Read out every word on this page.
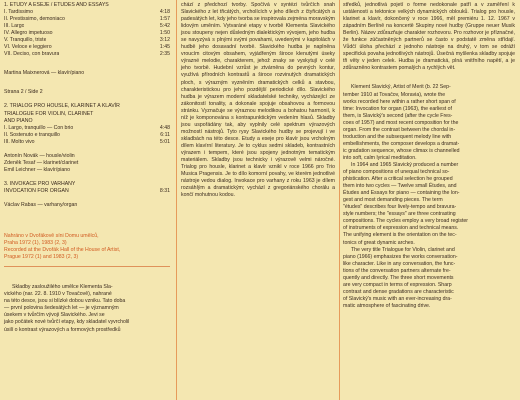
1. ETUDY A ESEJE / ÉTUDES AND ESSAYS
I. Tardissimo	4:18
II. Prestissimo, demoniaco	1:57
III. Largo	5:42
IV. Allegro impetuoso	1:50
V. Tranquillo, triste	3:12
VI. Veloce e leggiero	1:45
VII. Deciso, con bravura	2:35
Martina Maixnerová — klavír/piano
Strana 2 / Side 2
2. TRIALOG PRO HOUSLE, KLARINET A KLAVÍR
TRIALOGUE FOR VIOLIN, CLARINET
AND PIANO
I. Largo, tranquillo — Con brio	4:48
II. Sostenuto e tranquillo	6:11
III. Molto vivo	5:01
Antonín Novák — housle/violin
Zdeněk Tesař — klarinet/clarinet
Emil Leichner — klavír/piano
3. INVOKACE PRO VARHANY
INVOCATION FOR ORGAN	8:31
Václav Rabas — varhany/organ
Nahráno v Dvořákově síni Domu umělců,
Praha 1972 (1), 1983 (2, 3)
Recorded at the Dvořák Hall of the House of Artist,
Prague 1972 (1) and 1983 (2, 3)
Skladby zasloužilého umělce Klementa Sla-
vického (nar. 22. 8. 1910 v Tovačově), nahrané
na této desce, jsou si blízké dobou vzniku. Tato doba
— první polovina šedesátých let — je významným
úsekem v tvůrčím vývoji Slavického. Jevi se
jako počátek nové tvůrčí etapy, kdy skladatel vyvrcholil
úsilí o kontrast výrazových a formových prostředků

chází z předchozí tvorby. Spočívá v syntézi tvůrčích snah Slavického z let třicátých, vrcholících v jeho dílech z čtyřicátých a padesátých let, kdy jeho tvorba se inspirovala zejména moravským lidovým uměním. Vytvaráné etapy v tvorbě Klementa Slavického jsou stoupeny nejen důsledným dialektickým vývojem, jeho hudba se navyzývá s plnými svými povahami, uvedenými v kapitolách v hudbě jeho dosavadní tvorbě. Slavického hudba je naplněna vroucím citovým obsahem, vyjádřeným široce klenutými úseky výrazné melodie, charakterem, jehož znaky se vyskytují v celé jeho tvorbě. Hudební vzrůst je ztvárněna do pevných kontur, využívá přírodních kontrastů a široce rozvinutých dramatických ploch, s výrazným vyzněním dramatických celků a stavbou, charakteristickou pro jeho pozdější periodické dílo. Slavického hudba je výrazem moderní skladatelské techniky, vycházející ze zákonitostí tonality, a dokonale spojuje obsahovou a formovou stránku. Vyznačuje se výraznou melodikou a bohatou harmonií, k níž je komponována s kontrapunktickým vedením hlasů. Skladby jsou uspořádány tak, aby vyplnily celé spektrum výrazových možností nástrojů. Tyto rysy Slavického hudby se projevují i ve skladbách na této desce. Etudy a eseje pro klavír jsou vrcholným dílem klavírní literatury. Je to cyklus sedmi skladeb, kontrastních výrazem i tempem, které jsou spojeny jednotným tematickým materiálem. Skladby jsou technicky i výrazově velmi náročné. Trialog pro housle, klarinet a klavír vznikl v roce 1966 pro Trio Musica Pragensis. Je to dílo komorní povahy, ve kterém jednotlivé nástroje vedou dialog. Invokace pro varhany z roku 1963 je dílem rozsáhlým a dramatickým; vychází z gregoriánského chorálu a končí mohutnou kodou.

středků, jednotlivá pojetí o forme nedokonale patří a v zaměření k ustálenosti a tektonice velkých dynamických oblouků. Trialog pro housle, klarinet a klavír, dokončený v roce 1966, měl premiéru 1. 12. 1967 v západním Berlíně na koncertě Skupiny nové hudby (Gruppe neuer Musik Berlin). Název zdůrazňuje charakter rozhovoru. Pro rozhovor je příznačné, že funkce zúčastněných partnerů se často v podstatě změna střídají. Vůdčí úloha přechází z jednoho nástroje na druhý, v tom se odráží specifická povaha jednotlivých nástrojů. Úsečná myšlenka skladby spojuje tři věty v jeden celek. Hudba je dramatická, plná vnitřního napětí, a je zdůrazněno kontrastem pomalých a rychlých vět.

Klement Slavický, Artist of Merit (b. 22 Sep-
tember 1910 at Tovačov, Moravia), wrote the
works recorded here within a rather short span of
time: Invocation for organ (1963), the earliest of
them, is Slavický's second (after the cycle Fres-
coes of 1957) and most recent composition for the
organ. From the contrast between the chordal in-
troduction and the subsequent melody line with
embellishments, the composer develops a dramat-
ic gradation sequence, whose climax is channelled
into soft, calm lyrical meditation.
In 1964 and 1965 Slavický produced a number
of piano compositions of unequal technical so-
phistication. After a critical selection he grouped
them into two cycles — Twelve small Études, and
Études and Essays for piano — containing the lon-
gest and most demanding pieces. The term
"études" describes four lively-tempo and bravura-
style numbers; the "essays" are three contrasting
compositions. The cycles employ a very broad register
of instruments of expression and technical means.
The unifying element is the orientation on the tec-
tonics of great dynamic arches.
The very title Trialogue for Violin, clarinet and
piano (1966) emphasizes the works conversation-
like character. Like in any conversation, the func-
tions of the conversation partners alternate fre-
quently and directly. The three short movements
are very compact in terms of expression. Sharp
contrast and dense gradations are characteristic
of Slavický's music with an ever-increasing dra-
matic atmosphere of fascinating drive.
